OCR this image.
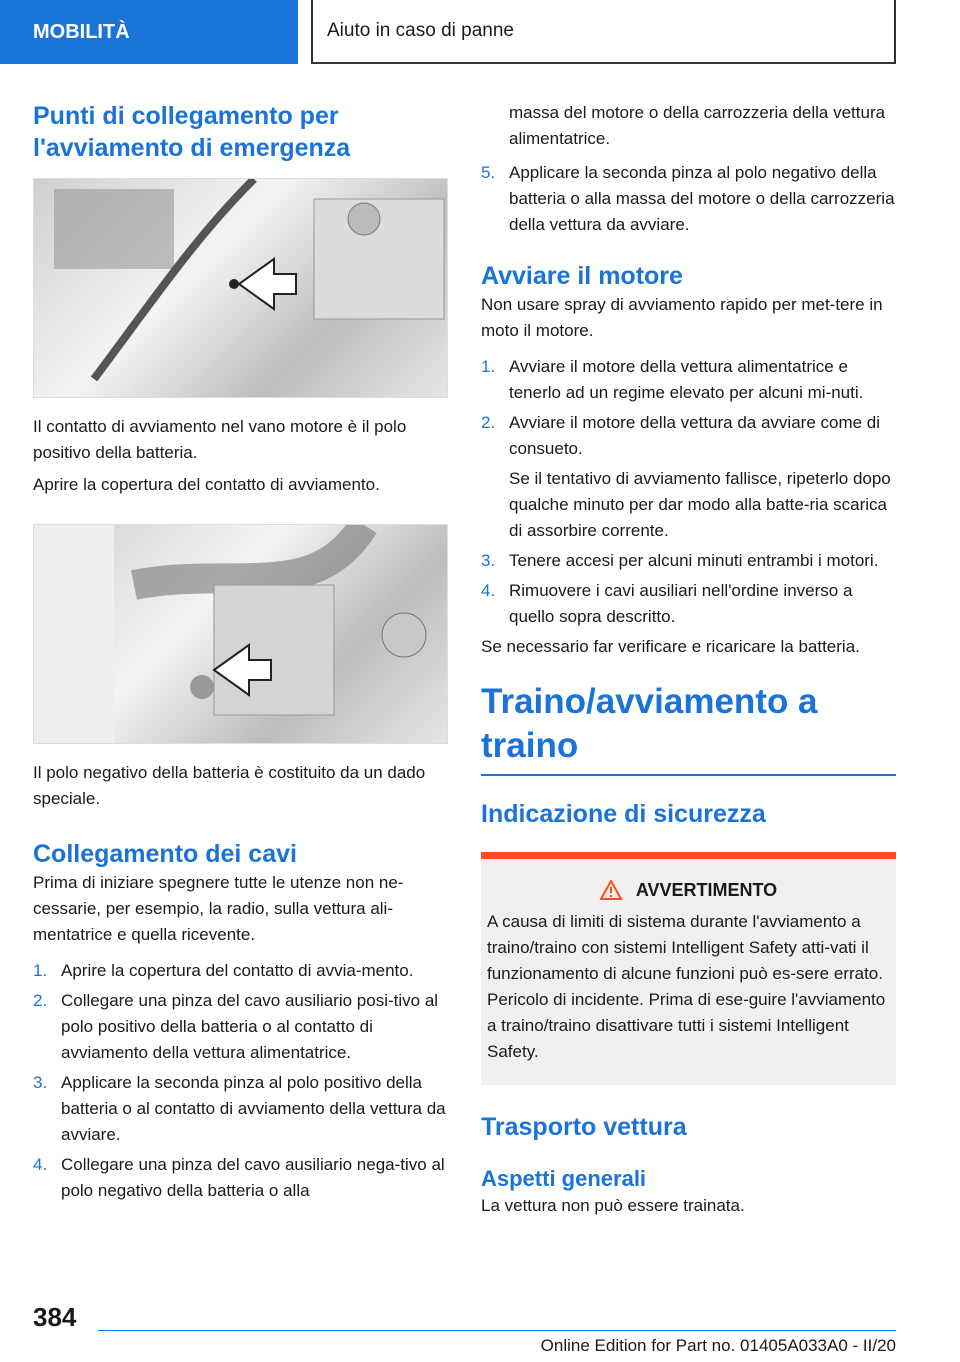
MOBILITÀ	Aiuto in caso di panne
Punti di collegamento per l'avviamento di emergenza

Il contatto di avviamento nel vano motore è il polo positivo della batteria.

Aprire la copertura del contatto di avviamento.

Il polo negativo della batteria è costituito da un dado speciale.

Collegamento dei cavi

Prima di iniziare spegnere tutte le utenze non ne-cessarie, per esempio, la radio, sulla vettura ali-mentatrice e quella ricevente.

1. Aprire la copertura del contatto di avvia-mento.
2. Collegare una pinza del cavo ausiliario posi-tivo al polo positivo della batteria o al contatto di avviamento della vettura alimentatrice.
3. Applicare la seconda pinza al polo positivo della batteria o al contatto di avviamento della vettura da avviare.
4. Collegare una pinza del cavo ausiliario nega-tivo al polo negativo della batteria o alla

massa del motore o della carrozzeria della vettura alimentatrice.

5. Applicare la seconda pinza al polo negativo della batteria o alla massa del motore o della carrozzeria della vettura da avviare.
Avviare il motore

Non usare spray di avviamento rapido per met-tere in moto il motore.

1. Avviare il motore della vettura alimentatrice e tenerlo ad un regime elevato per alcuni mi-nuti.
2. Avviare il motore della vettura da avviare come di consueto.

Se il tentativo di avviamento fallisce, ripeterlo dopo qualche minuto per dar modo alla batte-ria scarica di assorbire corrente.

3. Tenere accesi per alcuni minuti entrambi i motori.
4. Rimuovere i cavi ausiliari nell'ordine inverso a quello sopra descritto.

Se necessario far verificare e ricaricare la batteria.

Traino/avviamento a traino
Indicazione di sicurezza
AVVERTIMENTO

A causa di limiti di sistema durante l'avviamento a traino/traino con sistemi Intelligent Safety atti-vati il funzionamento di alcune funzioni può es-sere errato. Pericolo di incidente. Prima di ese-guire l'avviamento a traino/traino disattivare tutti i sistemi Intelligent Safety.

Trasporto vettura
Aspetti generali

La vettura non può essere trainata.

384
Online Edition for Part no. 01405A033A0 - II/20
